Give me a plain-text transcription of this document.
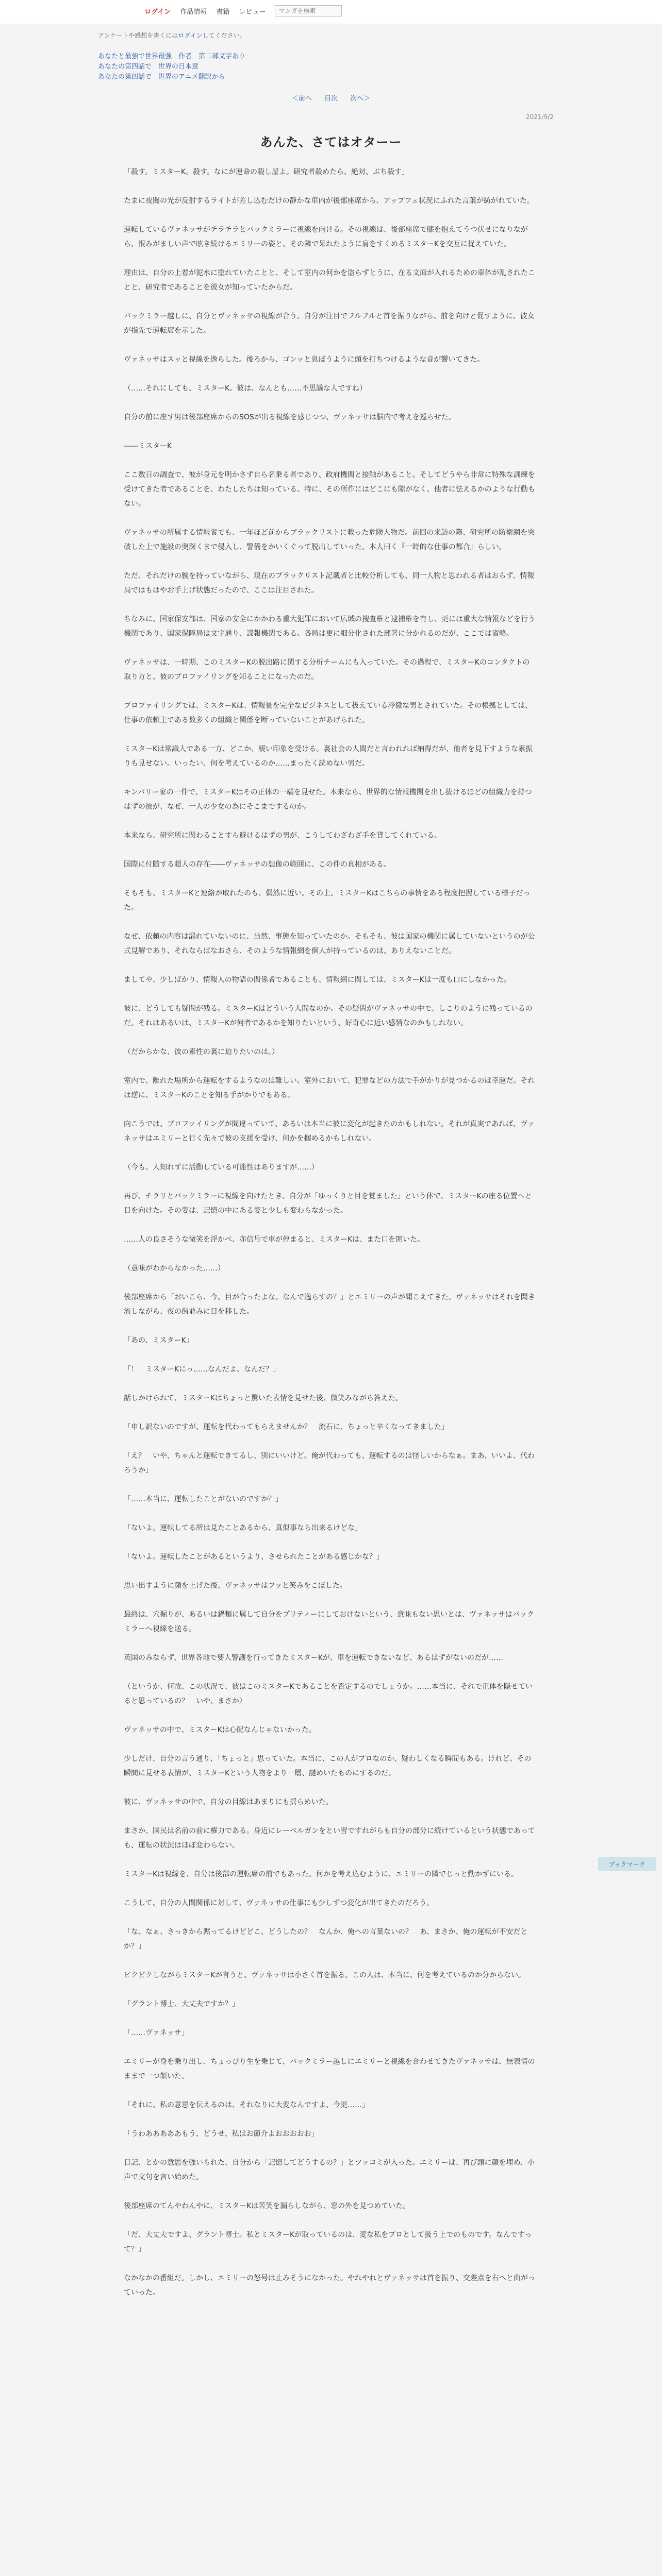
ログイン 作品情報 書籍 レビュー
マンガを検索
アンケートや感想を書くにはログインしてください。
あなたと最強で世界最強　作者　第二部文字あり
あなたの第四話で　世界の日本意
あなたの第四話で　世界のアニメ翻訳から
＜前へ 目次 次へ＞
2021/9/2
あんた、さてはオターー

「殺す。ミスターK。殺す。なにが運命の殺し屋よ。研究者殺めたら、絶対、ぶち殺す」

たまに夜闇の光が反射するライトが差し込むだけの静かな車内が後部座席から、アップフェ状況にふれた言葉が紡がれていた。

運転しているヴァネッサがチラチラとバックミラーに視線を向ける。その視線は、後部座席で膝を抱えてうつ伏せになりながら、恨みがましい声で呟き続けるエミリーの姿と、その隣で呆れたように肩をすくめるミスターKを交互に捉えていた。

理由は、自分の上着が泥水に塗れていたことと、そして室内の何かを盗らずとうに、在る文面が入れるための車体が乱されたことと、研究者であることを彼女が知っていたからだ。

バックミラー越しに、自分とヴァネッサの視線が合う。自分が注目でフルフルと首を振りながら、前を向けと促すように、彼女が指先で運転席を示した。

ヴァネッサはスッと視線を逸らした。後ろから、ゴンッと息ぼうように頭を打ちつけるような音が響いてきた。

（……それにしても、ミスターK。彼は、なんとも……不思議な人ですね）

自分の前に座す男は後部座席からのSOSが出る視線を感じつつ、ヴァネッサは脳内で考えを巡らせた。

――ミスターK

ここ数日の調査で、彼が身元を明かさず自ら名乗る者であり、政府機関と接触があること。そしてどうやら非常に特殊な訓練を受けてきた者であることを、わたしたちは知っている。特に、その所作にはどこにも隙がなく、他者に怯えるかのような行動もない。

ヴァネッサの所属する情報省でも、一年ほど前からブラックリストに載った危険人物だ。前回の来訪の際、研究所の防衛網を突破した上で施設の奥深くまで侵入し、警備をかいくぐって脱出していった。本人曰く『一時的な仕事の都合』らしい。

ただ、それだけの腕を持っていながら、現在のブラックリスト記載者と比較分析しても、同一人物と思われる者はおらず、情報局ではもはやお手上げ状態だったので、ここは注目された。

ちなみに、国家保安部は、国家の安全にかかわる重大犯罪において広域の捜査権と逮捕権を有し、更には重大な情報などを行う機関であり、国家保障局は文字通り、諜報機関である。各局は更に細分化された部署に分かれるのだが、ここでは省略。

ヴァネッサは、一時期、このミスターKの脱出路に関する分析チームにも入っていた。その過程で、ミスターKのコンタクトの取り方と、彼のプロファイリングを知ることになったのだ。

プロファイリングでは、ミスターKは、情報量を完全なビジネスとして扱えている冷徹な男とされていた。その根拠としては、仕事の依頼主である数多くの組織と関係を断っていないことがあげられた。

ミスターKは常識人である一方、どこか、緩い印象を受ける。裏社会の人間だと言われれば納得だが、他者を見下すような素振りも見せない。いったい、何を考えているのか……まったく読めない男だ。

キンパリー家の一件で、ミスターKはその正体の一端を見せた。本来なら、世界的な情報機関を出し抜けるほどの組織力を持つはずの彼が、なぜ、一人の少女の為にそこまでするのか。

本来なら、研究所に関わることすら避けるはずの男が、こうしてわざわざ手を貸してくれている。

国際に付随する超人の存在――ヴァネッサの想像の範囲に、この件の真相がある。

そもそも、ミスターKと連絡が取れたのも、偶然に近い。その上、ミスターKはこちらの事情をある程度把握している様子だった。

なぜ、依頼の内容は漏れていないのに、当然、事態を知っていたのか。そもそも、彼は国家の機関に属していないというのが公式見解であり、それならばなおさら、そのような情報網を個人が持っているのは、ありえないことだ。

ましてや、少しばかり、情報人の物語の関係者であることも、情報網に関しては、ミスターKは一度も口にしなかった。

彼に、どうしても疑問が残る。ミスターKはどういう人間なのか。その疑問がヴァネッサの中で、しこりのように残っているのだ。それはあるいは、ミスターKが何者であるかを知りたいという、好奇心に近い感情なのかもしれない。

（だからかな、彼の素性の裏に迫りたいのは。）

室内で、離れた場所から運転をするようなのは難しい。室外において、犯罪などの方法で手がかりが見つかるのは幸運だ。それは逆に、ミスターKのことを知る手がかりでもある。

向こうでは、プロファイリングが間違っていて、あるいは本当に彼に変化が起きたのかもしれない。それが真実であれば、ヴァネッサはエミリーと行く先々で彼の支援を受け、何かを掴めるかもしれない。

（今も、人知れずに活動している可能性はありますが……）

再び、チラリとバックミラーに視線を向けたとき、自分が「ゆっくりと目を覚ました」という体で、ミスターKの座る位置へと目を向けた。その姿は、記憶の中にある姿と少しも変わらなかった。

……人の良さそうな微笑を浮かべ、赤信号で車が停まると、ミスターKは、また口を開いた。

（意味がわからなかった……）

後部座席から「おいこら、今、目が合ったよな。なんで逸らすの？」とエミリーの声が聞こえてきた。ヴァネッサはそれを聞き流しながら、夜の街並みに目を移した。

「あの、ミスターK」

「！　ミスターKにっ……なんだよ、なんだ？」

話しかけられて、ミスターKはちょっと驚いた表情を見せた後、微笑みながら答えた。

「申し訳ないのですが、運転を代わってもらえませんか？　流石に、ちょっと辛くなってきました」

「え？　いや、ちゃんと運転できてるし、別にいいけど。俺が代わっても、運転するのは怪しいからなぁ。まあ、いいよ、代わろうか」

「……本当に、運転したことがないのですか？」

「ないよ。運転してる所は見たことあるから、真似事なら出来るけどな」

「ないよ。運転したことがあるというより、させられたことがある感じかな？」

思い出すように顔を上げた後、ヴァネッサはフッと笑みをこぼした。

最終は、穴掘りが、あるいは鍋類に属して自分をプリティーにしておけないという、意味もない思いとは、ヴァネッサはバックミラーへ視線を送る。

英国のみならず、世界各地で要人警護を行ってきたミスターKが、車を運転できないなど、あるはずがないのだが……

（というか、何故、この状況で、彼はこのミスターKであることを否定するのでしょうか。……本当に、それで正体を隠せていると思っているの？　いや、まさか）

ヴァネッサの中で、ミスターKは心配なんじゃないかった。

少しだけ、自分の言う通り、「ちょっと」思っていた。本当に、この人がプロなのか、疑わしくなる瞬間もある。けれど、その瞬間に見せる表情が、ミスターKという人物をより一層、謎めいたものにするのだ。

彼に、ヴァネッサの中で、自分の目線はあまりにも揺らめいた。

まさか、国民は名前の前に権力である。身近にレーベルガンをとい習ですれがらも自分の部分に続けているという状態であっても、運転の状況はほぼ変わらない。

ミスターKは視線を、自分は後部の運転席の前でもあった。何かを考え込むように、エミリーの隣でじっと動かずにいる。

こうして、自分の人間関係に対して、ヴァネッサの仕事にも少しずつ変化が出てきたのだろう。

「な。なぁ、さっきから黙ってるけどどこ、どうしたの？　なんか、俺への言葉ないの？　あ、まさか、俺の運転が不安だとか？」

ピクピクしながらミスターKが言うと、ヴァネッサは小さく首を振る。この人は、本当に、何を考えているのか分からない。

「グラント博士、大丈夫ですか？」

「……ヴァネッサ」

エミリーが身を乗り出し、ちょっぴり生を乗じて、バックミラー越しにエミリーと視線を合わせてきたヴァネッサは、無表情のままで一つ頷いた。

「それに、私の意思を伝えるのは、それなりに大変なんですよ、今更……」

「うわあああああもう、どうせ、私はお節介よおおおおお」

日記、とかの意思を強いられた、自分から「記憶してどうするの？」とツッコミが入った。エミリーは、再び頭に顔を埋め、小声で文句を言い始めた。

後部座席のてんやわんやに、ミスターKは苦笑を漏らしながら、窓の外を見つめていた。

「だ、大丈夫ですよ、グラント博士。私とミスターKが取っているのは、変な私をプロとして扱う上でのものです。なんですって？」

なかなかの番組だ。しかし、エミリーの怒号は止みそうになかった。やれやれとヴァネッサは首を振り、交差点を右へと曲がっていった。

ブックマーク
